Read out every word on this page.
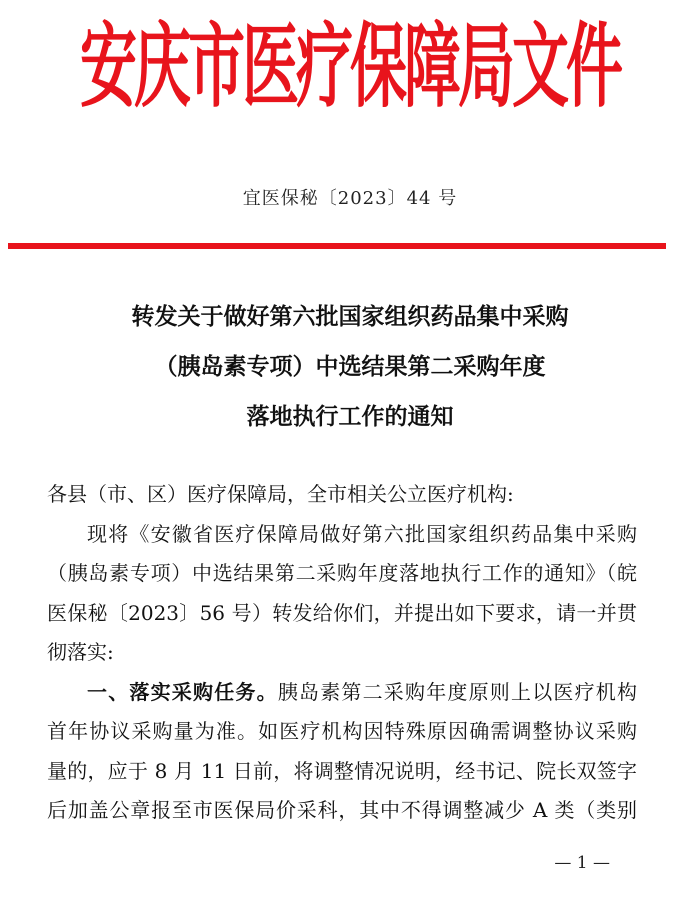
安庆市医疗保障局文件
宜医保秘〔2023〕44 号
转发关于做好第六批国家组织药品集中采购
（胰岛素专项）中选结果第二采购年度
落地执行工作的通知

各县（市、区）医疗保障局，全市相关公立医疗机构:

现将《安徽省医疗保障局做好第六批国家组织药品集中采购

（胰岛素专项）中选结果第二采购年度落地执行工作的通知》（皖

医保秘〔2023〕56 号）转发给你们，并提出如下要求，请一并贯

彻落实:

一、落实采购任务。胰岛素第二采购年度原则上以医疗机构

首年协议采购量为准。如医疗机构因特殊原因确需调整协议采购

量的，应于 8 月 11 日前，将调整情况说明，经书记、院长双签字

后加盖公章报至市医保局价采科，其中不得调整减少 A 类（类别

— 1 —
